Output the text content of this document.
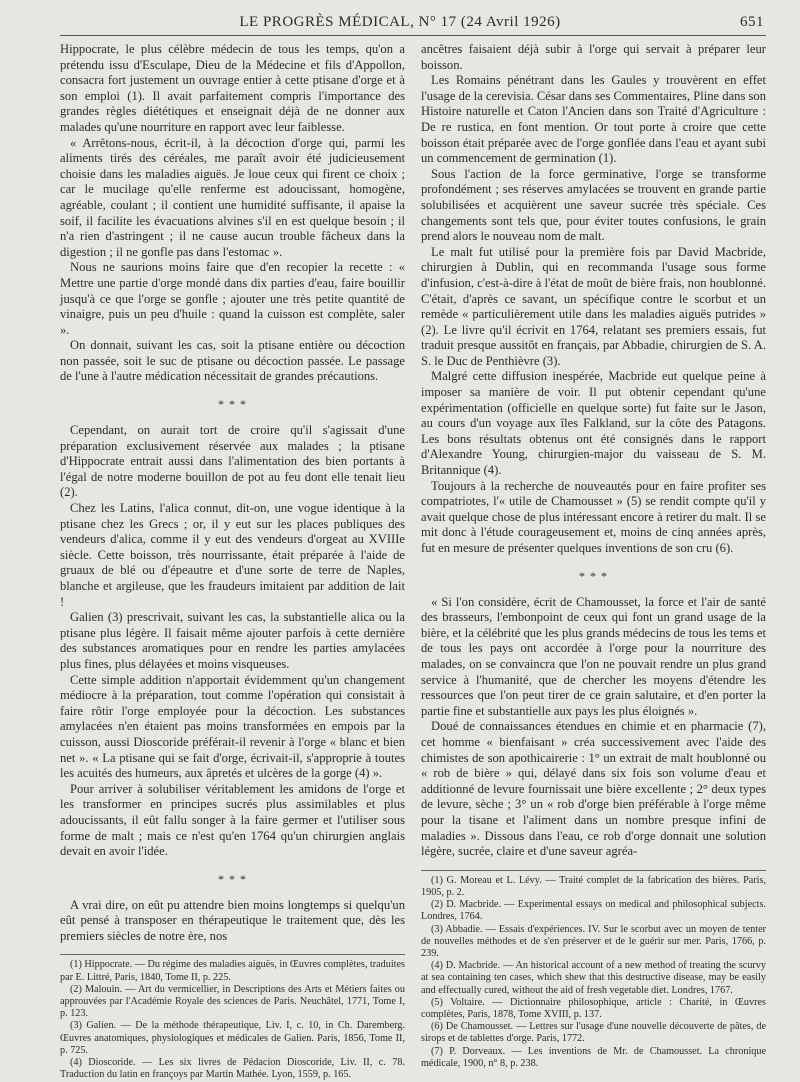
LE PROGRÈS MÉDICAL, N° 17 (24 Avril 1926)	651

Hippocrate, le plus célèbre médecin de tous les temps, qu'on a prétendu issu d'Esculape, Dieu de la Médecine et fils d'Appollon, consacra fort justement un ouvrage entier à cette ptisane d'orge et à son emploi (1). Il avait parfaitement compris l'importance des grandes règles diététiques et enseignait déjà de ne donner aux malades qu'une nourriture en rapport avec leur faiblesse.

« Arrêtons-nous, écrit-il, à la décoction d'orge qui, parmi les aliments tirés des céréales, me paraît avoir été judicieusement choisie dans les maladies aiguës. Je loue ceux qui firent ce choix ; car le mucilage qu'elle renferme est adoucissant, homogène, agréable, coulant ; il contient une humidité suffisante, il apaise la soif, il facilite les évacuations alvines s'il en est quelque besoin ; il n'a rien d'astringent ; il ne cause aucun trouble fâcheux dans la digestion ; il ne gonfle pas dans l'estomac ».

Nous ne saurions moins faire que d'en recopier la recette : « Mettre une partie d'orge mondé dans dix parties d'eau, faire bouillir jusqu'à ce que l'orge se gonfle ; ajouter une très petite quantité de vinaigre, puis un peu d'huile : quand la cuisson est complète, saler ».

On donnait, suivant les cas, soit la ptisane entière ou décoction non passée, soit le suc de ptisane ou décoction passée. Le passage de l'une à l'autre médication nécessitait de grandes précautions.

* * *

Cependant, on aurait tort de croire qu'il s'agissait d'une préparation exclusivement réservée aux malades ; la ptisane d'Hippocrate entrait aussi dans l'alimentation des bien portants à l'égal de notre moderne bouillon de pot au feu dont elle tenait lieu (2).

Chez les Latins, l'alica connut, dit-on, une vogue identique à la ptisane chez les Grecs ; or, il y eut sur les places publiques des vendeurs d'alica, comme il y eut des vendeurs d'orgeat au XVIIIe siècle. Cette boisson, très nourrissante, était préparée à l'aide de gruaux de blé ou d'épeautre et d'une sorte de terre de Naples, blanche et argileuse, que les fraudeurs imitaient par addition de lait !

Galien (3) prescrivait, suivant les cas, la substantielle alica ou la ptisane plus légère. Il faisait même ajouter parfois à cette dernière des substances aromatiques pour en rendre les parties amylacées plus fines, plus délayées et moins visqueuses.

Cette simple addition n'apportait évidemment qu'un changement médiocre à la préparation, tout comme l'opération qui consistait à faire rôtir l'orge employée pour la décoction. Les substances amylacées n'en étaient pas moins transformées en empois par la cuisson, aussi Dioscoride préférait-il revenir à l'orge « blanc et bien net ». « La ptisane qui se fait d'orge, écrivait-il, s'approprie à toutes les acuités des humeurs, aux âpretés et ulcères de la gorge (4) ».

Pour arriver à solubiliser véritablement les amidons de l'orge et les transformer en principes sucrés plus assimilables et plus adoucissants, il eût fallu songer à la faire germer et l'utiliser sous forme de malt ; mais ce n'est qu'en 1764 qu'un chirurgien anglais devait en avoir l'idée.

* * *

A vrai dire, on eût pu attendre bien moins longtemps si quelqu'un eût pensé à transposer en thérapeutique le traitement que, dès les premiers siècles de notre ère, nos

(1) Hippocrate. — Du régime des maladies aiguës, in Œuvres complètes, traduites par E. Littré, Paris, 1840, Tome II, p. 225.

(2) Malouin. — Art du vermicellier, in Descriptions des Arts et Métiers faites ou approuvées par l'Académie Royale des sciences de Paris. Neuchâtel, 1771, Tome I, p. 123.

(3) Galien. — De la méthode thérapeutique, Liv. I, c. 10, in Ch. Daremberg. Œuvres anatomiques, physiologiques et médicales de Galien. Paris, 1856, Tome II, p. 725.

(4) Dioscoride. — Les six livres de Pédacion Dioscoride, Liv. II, c. 78. Traduction du latin en françoys par Martin Mathée. Lyon, 1559, p. 165.

ancêtres faisaient déjà subir à l'orge qui servait à préparer leur boisson.

Les Romains pénétrant dans les Gaules y trouvèrent en effet l'usage de la cerevisia. César dans ses Commentaires, Pline dans son Histoire naturelle et Caton l'Ancien dans son Traité d'Agriculture : De re rustica, en font mention. Or tout porte à croire que cette boisson était préparée avec de l'orge gonflée dans l'eau et ayant subi un commencement de germination (1).

Sous l'action de la force germinative, l'orge se transforme profondément ; ses réserves amylacées se trouvent en grande partie solubilisées et acquièrent une saveur sucrée très spéciale. Ces changements sont tels que, pour éviter toutes confusions, le grain prend alors le nouveau nom de malt.

Le malt fut utilisé pour la première fois par David Macbride, chirurgien à Dublin, qui en recommanda l'usage sous forme d'infusion, c'est-à-dire à l'état de moût de bière frais, non houblonné. C'était, d'après ce savant, un spécifique contre le scorbut et un remède « particulièrement utile dans les maladies aiguës putrides » (2). Le livre qu'il écrivit en 1764, relatant ses premiers essais, fut traduit presque aussitôt en français, par Abbadie, chirurgien de S. A. S. le Duc de Penthièvre (3).

Malgré cette diffusion inespérée, Macbride eut quelque peine à imposer sa manière de voir. Il put obtenir cependant qu'une expérimentation (officielle en quelque sorte) fut faite sur le Jason, au cours d'un voyage aux îles Falkland, sur la côte des Patagons. Les bons résultats obtenus ont été consignés dans le rapport d'Alexandre Young, chirurgien-major du vaisseau de S. M. Britannique (4).

Toujours à la recherche de nouveautés pour en faire profiter ses compatriotes, l'« utile de Chamousset » (5) se rendit compte qu'il y avait quelque chose de plus intéressant encore à retirer du malt. Il se mit donc à l'étude courageusement et, moins de cinq années après, fut en mesure de présenter quelques inventions de son cru (6).

* * *

« Si l'on considère, écrit de Chamousset, la force et l'air de santé des brasseurs, l'embonpoint de ceux qui font un grand usage de la bière, et la célébrité que les plus grands médecins de tous les tems et de tous les pays ont accordée à l'orge pour la nourriture des malades, on se convaincra que l'on ne pouvait rendre un plus grand service à l'humanité, que de chercher les moyens d'étendre les ressources que l'on peut tirer de ce grain salutaire, et d'en porter la partie fine et substantielle aux pays les plus éloignés ».

Doué de connaissances étendues en chimie et en pharmacie (7), cet homme « bienfaisant » créa successivement avec l'aide des chimistes de son apothicairerie : 1° un extrait de malt houblonné ou « rob de bière » qui, délayé dans six fois son volume d'eau et additionné de levure fournissait une bière excellente ; 2° deux types de levure, sèche ; 3° un « rob d'orge bien préférable à l'orge même pour la tisane et l'aliment dans un nombre presque infini de maladies ». Dissous dans l'eau, ce rob d'orge donnait une solution légère, sucrée, claire et d'une saveur agréa-

(1) G. Moreau et L. Lévy. — Traité complet de la fabrication des bières. Paris, 1905, p. 2.

(2) D. Macbride. — Experimental essays on medical and philosophical subjects. Londres, 1764.

(3) Abbadie. — Essais d'expériences. IV. Sur le scorbut avec un moyen de tenter de nouvelles méthodes et de s'en préserver et de le guérir sur mer. Paris, 1766, p. 239.

(4) D. Macbride. — An historical account of a new method of treating the scurvy at sea containing ten cases, which shew that this destructive disease, may be easily and effectually cured, without the aid of fresh vegetable diet. Londres, 1767.

(5) Voltaire. — Dictionnaire philosophique, article : Charité, in Œuvres complètes, Paris, 1878, Tome XVIII, p. 137.

(6) De Chamousset. — Lettres sur l'usage d'une nouvelle découverte de pâtes, de sirops et de tablettes d'orge. Paris, 1772.

(7) P. Dorveaux. — Les inventions de Mr. de Chamousset. La chronique médicale, 1900, n° 8, p. 238.
